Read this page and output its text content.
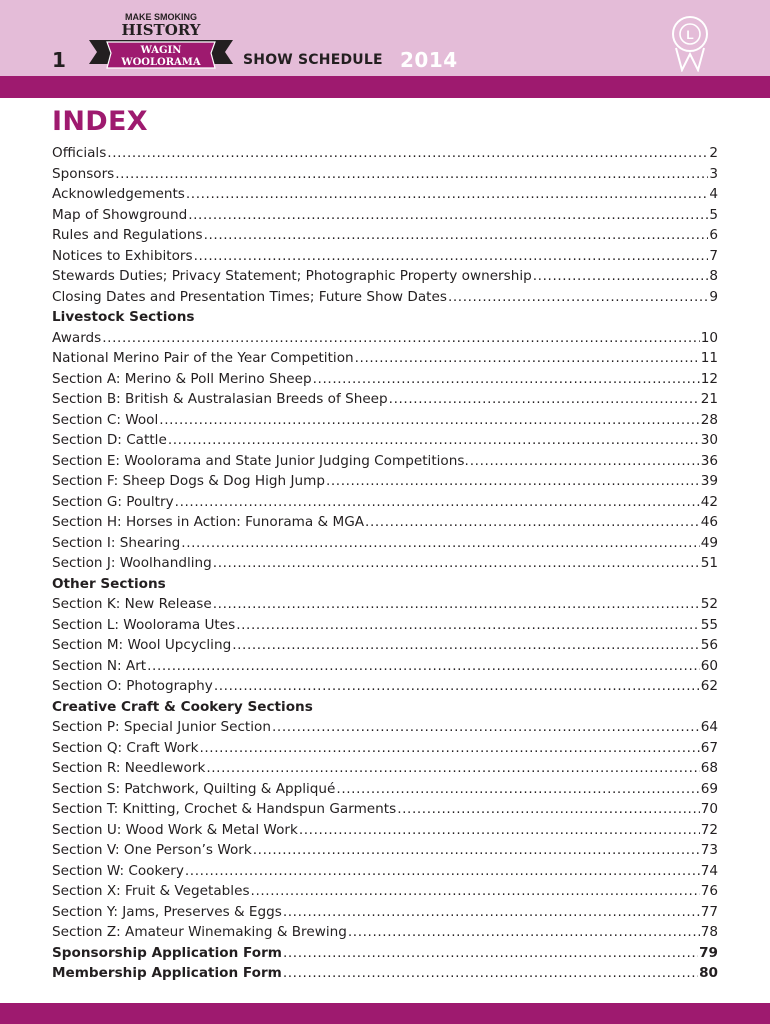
1
MAKE SMOKING
HISTORY
WAGIN
WOOLORAMA	SHOW SCHEDULE 2014
L
INDEX
Officials .....	2
Sponsors .....	3
Acknowledgements .....	4
Map of Showground .....	5
Rules and Regulations .....	6
Notices to Exhibitors .....	7
Stewards Duties; Privacy Statement; Photographic Property ownership .....	8
Closing Dates and Presentation Times; Future Show Dates .....	9
Livestock Sections
Awards .....	10
National Merino Pair of the Year Competition .....	11
Section A: Merino & Poll Merino Sheep .....	12
Section B: British & Australasian Breeds of Sheep .....	21
Section C: Wool .....	28
Section D: Cattle .....	30
Section E: Woolorama and State Junior Judging Competitions. .....	36
Section F: Sheep Dogs & Dog High Jump .....	39
Section G: Poultry .....	42
Section H: Horses in Action: Funorama & MGA .....	46
Section I: Shearing .....	49
Section J: Woolhandling .....	51
Other Sections
Section K: New Release .....	52
Section L: Woolorama Utes .....	55
Section M: Wool Upcycling .....	56
Section N: Art .....	60
Section O: Photography .....	62
Creative Craft & Cookery Sections
Section P: Special Junior Section .....	64
Section Q: Craft Work .....	67
Section R: Needlework .....	68
Section S: Patchwork, Quilting & Appliqué .....	69
Section T: Knitting, Crochet & Handspun Garments .....	70
Section U: Wood Work & Metal Work .....	72
Section V: One Person’s Work .....	73
Section W: Cookery .....	74
Section X: Fruit & Vegetables .....	76
Section Y: Jams, Preserves & Eggs .....	77
Section Z: Amateur Winemaking & Brewing .....	78
Sponsorship Application Form .....	79
Membership Application Form .....	80
